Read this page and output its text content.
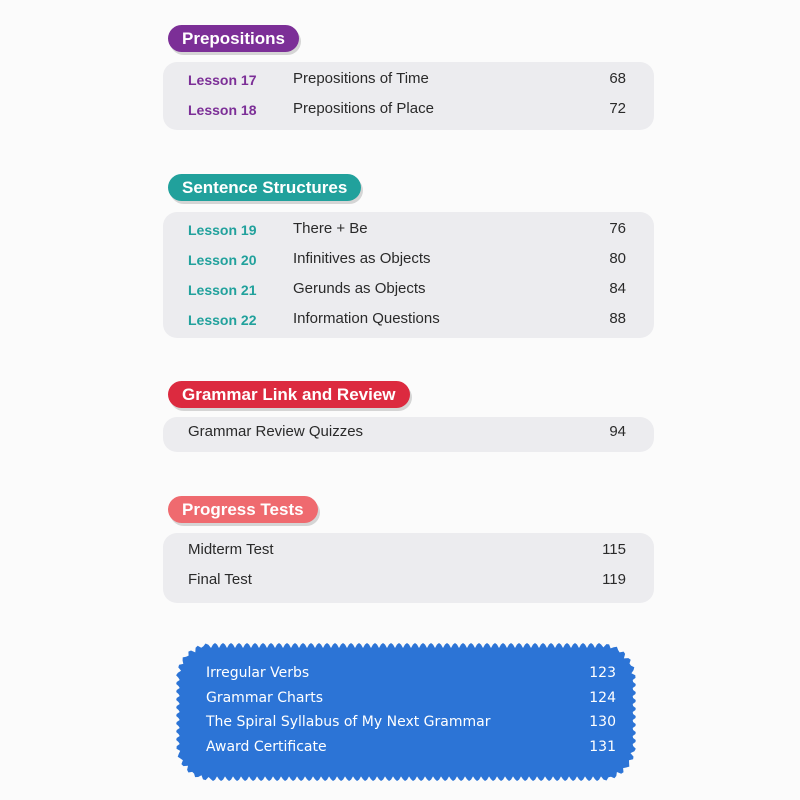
Prepositions
Lesson 17 Prepositions of Time	68
Lesson 18 Prepositions of Place	72
Sentence Structures
Lesson 19 There + Be	76
Lesson 20 Infinitives as Objects	80
Lesson 21 Gerunds as Objects	84
Lesson 22 Information Questions	88
Grammar Link and Review
Grammar Review Quizzes	94
Progress Tests
Midterm Test	115
Final Test	119
Irregular Verbs	123
Grammar Charts	124
The Spiral Syllabus of My Next Grammar	130
Award Certificate	131
